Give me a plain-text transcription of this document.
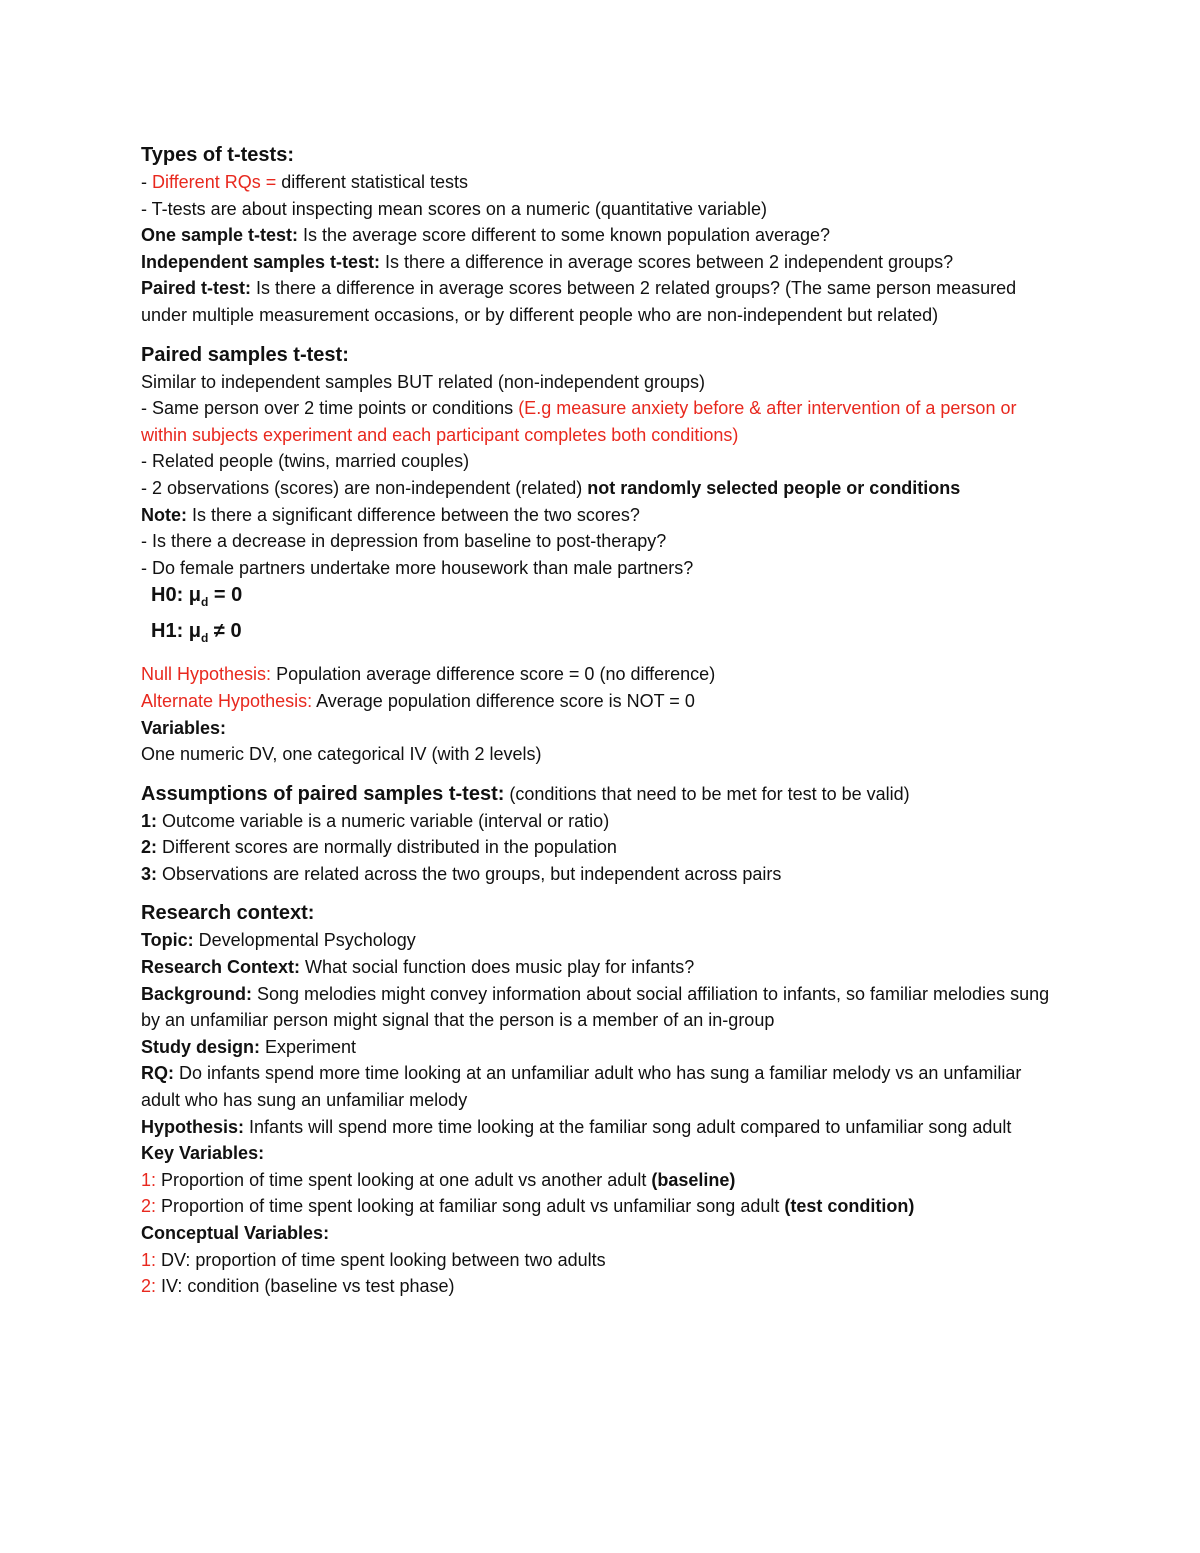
Types of t-tests:
- Different RQs = different statistical tests
- T-tests are about inspecting mean scores on a numeric (quantitative variable)
One sample t-test: Is the average score different to some known population average?
Independent samples t-test: Is there a difference in average scores between 2 independent groups?
Paired t-test: Is there a difference in average scores between 2 related groups? (The same person measured under multiple measurement occasions, or by different people who are non-independent but related)
Paired samples t-test:
Similar to independent samples BUT related (non-independent groups)
- Same person over 2 time points or conditions (E.g measure anxiety before & after intervention of a person or within subjects experiment and each participant completes both conditions)
- Related people (twins, married couples)
- 2 observations (scores) are non-independent (related) not randomly selected people or conditions
Note: Is there a significant difference between the two scores?
- Is there a decrease in depression from baseline to post-therapy?
- Do female partners undertake more housework than male partners?
H0: $\mu_d = 0$
H1: $\mu_d \ne 0$
Null Hypothesis: Population average difference score = 0 (no difference)
Alternate Hypothesis: Average population difference score is NOT = 0
Variables:
One numeric DV, one categorical IV (with 2 levels)
Assumptions of paired samples t-test: (conditions that need to be met for test to be valid)
1: Outcome variable is a numeric variable (interval or ratio)
2: Different scores are normally distributed in the population
3: Observations are related across the two groups, but independent across pairs
Research context:
Topic: Developmental Psychology
Research Context: What social function does music play for infants?
Background: Song melodies might convey information about social affiliation to infants, so familiar melodies sung by an unfamiliar person might signal that the person is a member of an in-group
Study design: Experiment
RQ: Do infants spend more time looking at an unfamiliar adult who has sung a familiar melody vs an unfamiliar adult who has sung an unfamiliar melody
Hypothesis: Infants will spend more time looking at the familiar song adult compared to unfamiliar song adult
Key Variables:
1: Proportion of time spent looking at one adult vs another adult (baseline)
2: Proportion of time spent looking at familiar song adult vs unfamiliar song adult (test condition)
Conceptual Variables:
1: DV: proportion of time spent looking between two adults
2: IV: condition (baseline vs test phase)
